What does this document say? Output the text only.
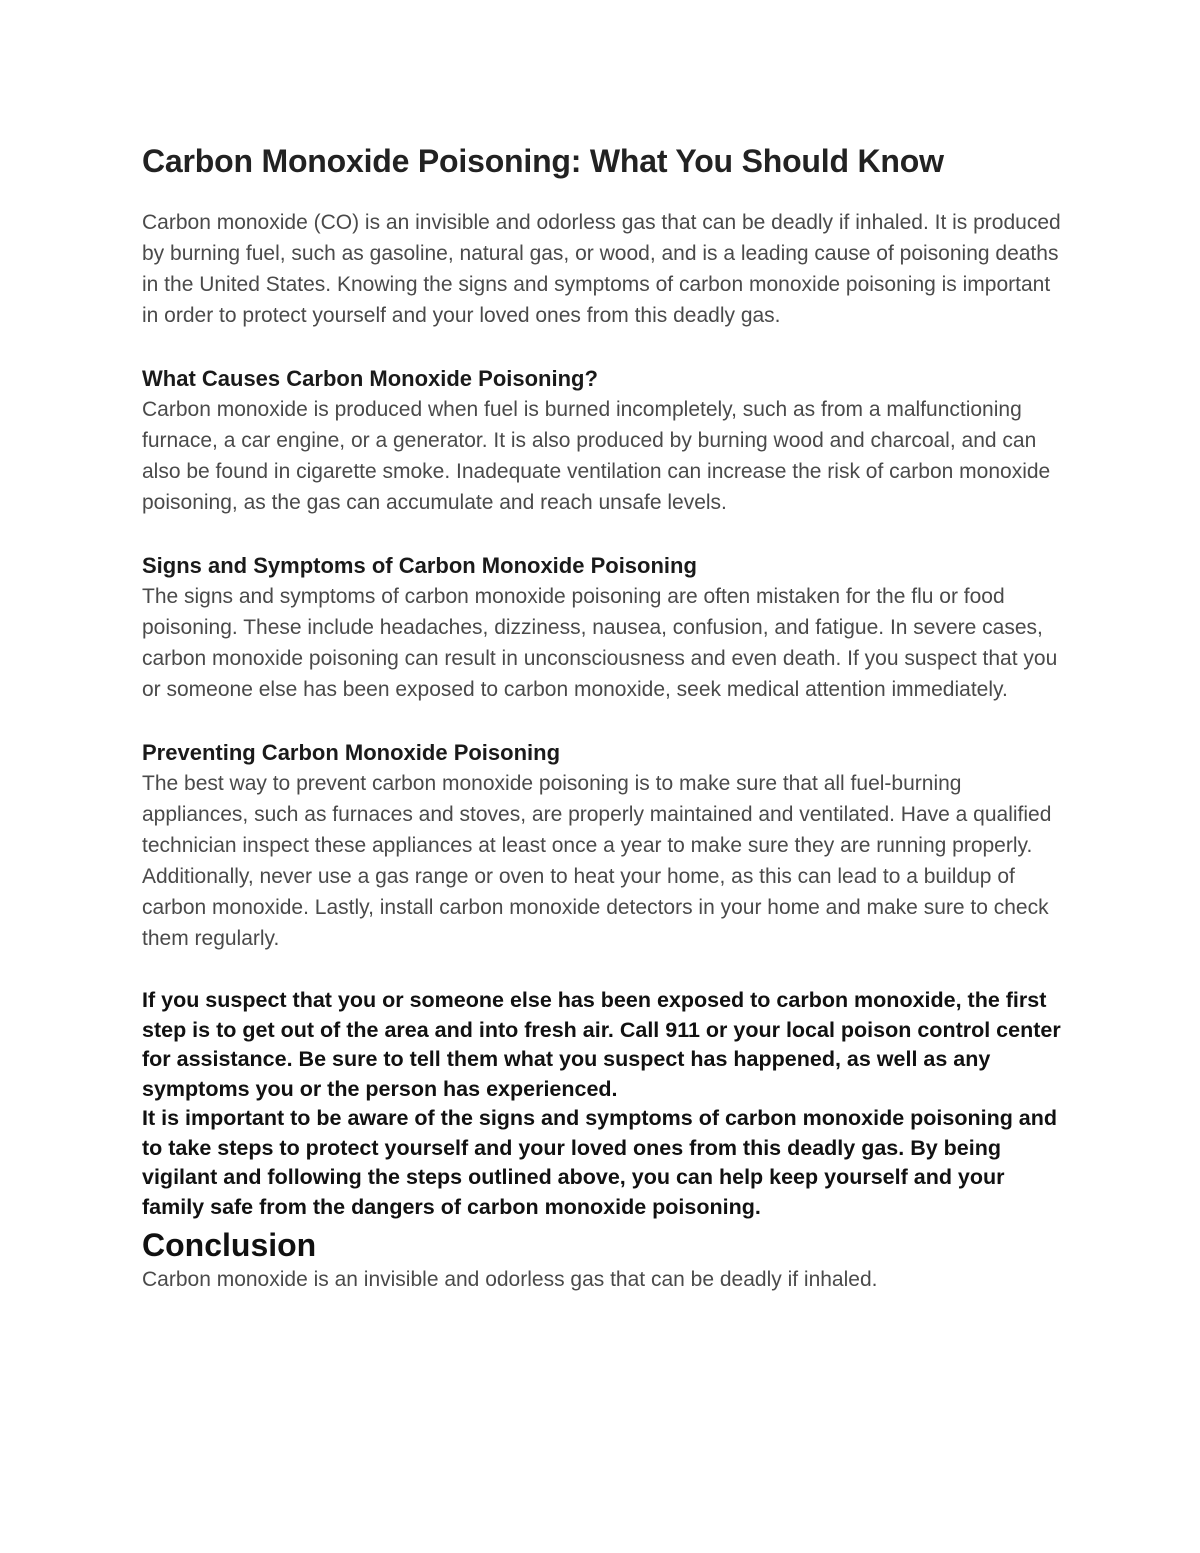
Carbon Monoxide Poisoning: What You Should Know

Carbon monoxide (CO) is an invisible and odorless gas that can be deadly if inhaled. It is produced by burning fuel, such as gasoline, natural gas, or wood, and is a leading cause of poisoning deaths in the United States. Knowing the signs and symptoms of carbon monoxide poisoning is important in order to protect yourself and your loved ones from this deadly gas.

What Causes Carbon Monoxide Poisoning?

Carbon monoxide is produced when fuel is burned incompletely, such as from a malfunctioning furnace, a car engine, or a generator. It is also produced by burning wood and charcoal, and can also be found in cigarette smoke. Inadequate ventilation can increase the risk of carbon monoxide poisoning, as the gas can accumulate and reach unsafe levels.

Signs and Symptoms of Carbon Monoxide Poisoning

The signs and symptoms of carbon monoxide poisoning are often mistaken for the flu or food poisoning. These include headaches, dizziness, nausea, confusion, and fatigue. In severe cases, carbon monoxide poisoning can result in unconsciousness and even death. If you suspect that you or someone else has been exposed to carbon monoxide, seek medical attention immediately.

Preventing Carbon Monoxide Poisoning

The best way to prevent carbon monoxide poisoning is to make sure that all fuel-burning appliances, such as furnaces and stoves, are properly maintained and ventilated. Have a qualified technician inspect these appliances at least once a year to make sure they are running properly. Additionally, never use a gas range or oven to heat your home, as this can lead to a buildup of carbon monoxide. Lastly, install carbon monoxide detectors in your home and make sure to check them regularly.

If you suspect that you or someone else has been exposed to carbon monoxide, the first step is to get out of the area and into fresh air. Call 911 or your local poison control center for assistance. Be sure to tell them what you suspect has happened, as well as any symptoms you or the person has experienced.

It is important to be aware of the signs and symptoms of carbon monoxide poisoning and to take steps to protect yourself and your loved ones from this deadly gas. By being vigilant and following the steps outlined above, you can help keep yourself and your family safe from the dangers of carbon monoxide poisoning.

Conclusion

Carbon monoxide is an invisible and odorless gas that can be deadly if inhaled.
